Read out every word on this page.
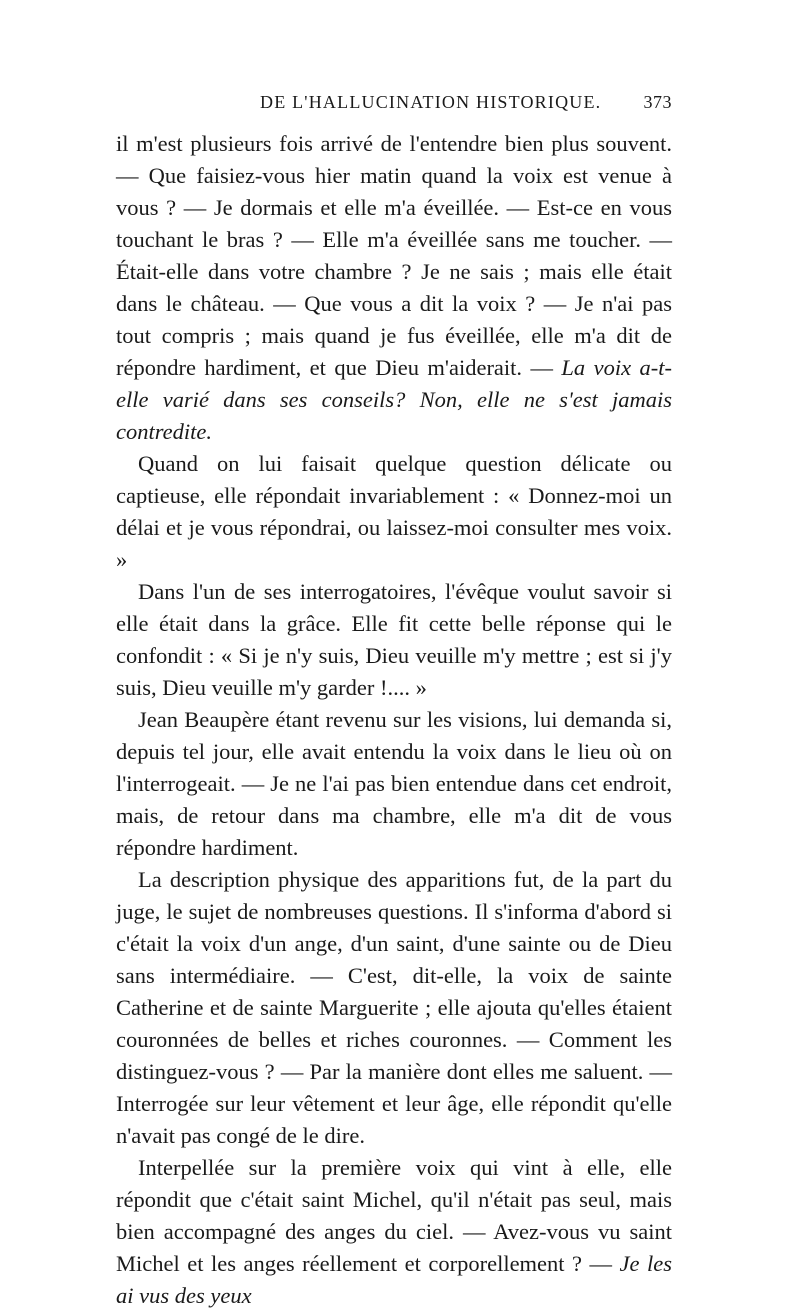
DE L'HALLUCINATION HISTORIQUE. 373

il m'est plusieurs fois arrivé de l'entendre bien plus souvent. — Que faisiez-vous hier matin quand la voix est venue à vous ? — Je dormais et elle m'a éveillée. — Est-ce en vous touchant le bras ? — Elle m'a éveillée sans me toucher. — Était-elle dans votre chambre ? Je ne sais ; mais elle était dans le château. — Que vous a dit la voix ? — Je n'ai pas tout compris ; mais quand je fus éveillée, elle m'a dit de répondre hardiment, et que Dieu m'aiderait. — La voix a-t-elle varié dans ses conseils? Non, elle ne s'est jamais contredite.

Quand on lui faisait quelque question délicate ou captieuse, elle répondait invariablement : « Donnez-moi un délai et je vous répondrai, ou laissez-moi consulter mes voix. »

Dans l'un de ses interrogatoires, l'évêque voulut savoir si elle était dans la grâce. Elle fit cette belle réponse qui le confondit : « Si je n'y suis, Dieu veuille m'y mettre ; est si j'y suis, Dieu veuille m'y garder !.... »

Jean Beaupère étant revenu sur les visions, lui demanda si, depuis tel jour, elle avait entendu la voix dans le lieu où on l'interrogeait. — Je ne l'ai pas bien entendue dans cet endroit, mais, de retour dans ma chambre, elle m'a dit de vous répondre hardiment.

La description physique des apparitions fut, de la part du juge, le sujet de nombreuses questions. Il s'informa d'abord si c'était la voix d'un ange, d'un saint, d'une sainte ou de Dieu sans intermédiaire. — C'est, dit-elle, la voix de sainte Catherine et de sainte Marguerite ; elle ajouta qu'elles étaient couronnées de belles et riches couronnes. — Comment les distinguez-vous ? — Par la manière dont elles me saluent. — Interrogée sur leur vêtement et leur âge, elle répondit qu'elle n'avait pas congé de le dire.

Interpellée sur la première voix qui vint à elle, elle répondit que c'était saint Michel, qu'il n'était pas seul, mais bien accompagné des anges du ciel. — Avez-vous vu saint Michel et les anges réellement et corporellement ? — Je les ai vus des yeux
